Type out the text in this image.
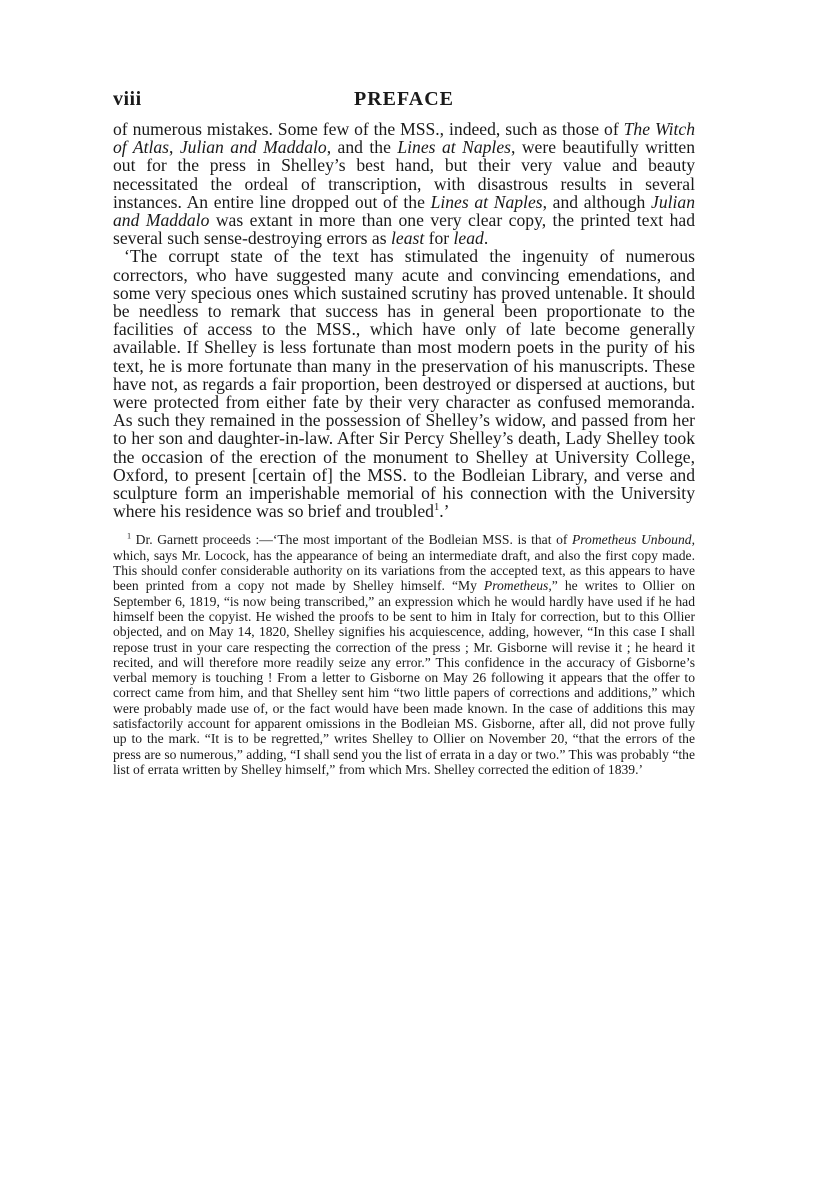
viii	PREFACE

of numerous mistakes. Some few of the MSS., indeed, such as those of The Witch of Atlas, Julian and Maddalo, and the Lines at Naples, were beautifully written out for the press in Shelley’s best hand, but their very value and beauty necessitated the ordeal of transcription, with disastrous results in several instances. An entire line dropped out of the Lines at Naples, and although Julian and Maddalo was extant in more than one very clear copy, the printed text had several such sense-destroying errors as least for lead.

‘The corrupt state of the text has stimulated the ingenuity of numerous correctors, who have suggested many acute and convincing emendations, and some very specious ones which sustained scrutiny has proved untenable. It should be needless to remark that success has in general been proportionate to the facilities of access to the MSS., which have only of late become generally available. If Shelley is less fortunate than most modern poets in the purity of his text, he is more fortunate than many in the preservation of his manuscripts. These have not, as regards a fair proportion, been destroyed or dispersed at auctions, but were protected from either fate by their very character as confused memoranda. As such they remained in the possession of Shelley’s widow, and passed from her to her son and daughter-in-law. After Sir Percy Shelley’s death, Lady Shelley took the occasion of the erection of the monument to Shelley at University College, Oxford, to present [certain of] the MSS. to the Bodleian Library, and verse and sculpture form an imperishable memorial of his connection with the University where his residence was so brief and troubled$^1$.’

$^1$ Dr. Garnett proceeds :—‘The most important of the Bodleian MSS. is that of Prometheus Unbound, which, says Mr. Locock, has the appearance of being an intermediate draft, and also the first copy made. This should confer considerable authority on its variations from the accepted text, as this appears to have been printed from a copy not made by Shelley himself. “My Prometheus,” he writes to Ollier on September 6, 1819, “is now being transcribed,” an expression which he would hardly have used if he had himself been the copyist. He wished the proofs to be sent to him in Italy for correction, but to this Ollier objected, and on May 14, 1820, Shelley signifies his acquiescence, adding, however, “In this case I shall repose trust in your care respecting the correction of the press ; Mr. Gisborne will revise it ; he heard it recited, and will therefore more readily seize any error.” This confidence in the accuracy of Gisborne’s verbal memory is touching ! From a letter to Gisborne on May 26 following it appears that the offer to correct came from him, and that Shelley sent him “two little papers of corrections and additions,” which were probably made use of, or the fact would have been made known. In the case of additions this may satisfactorily account for apparent omissions in the Bodleian MS. Gisborne, after all, did not prove fully up to the mark. “It is to be regretted,” writes Shelley to Ollier on November 20, “that the errors of the press are so numerous,” adding, “I shall send you the list of errata in a day or two.” This was probably “the list of errata written by Shelley himself,” from which Mrs. Shelley corrected the edition of 1839.’
